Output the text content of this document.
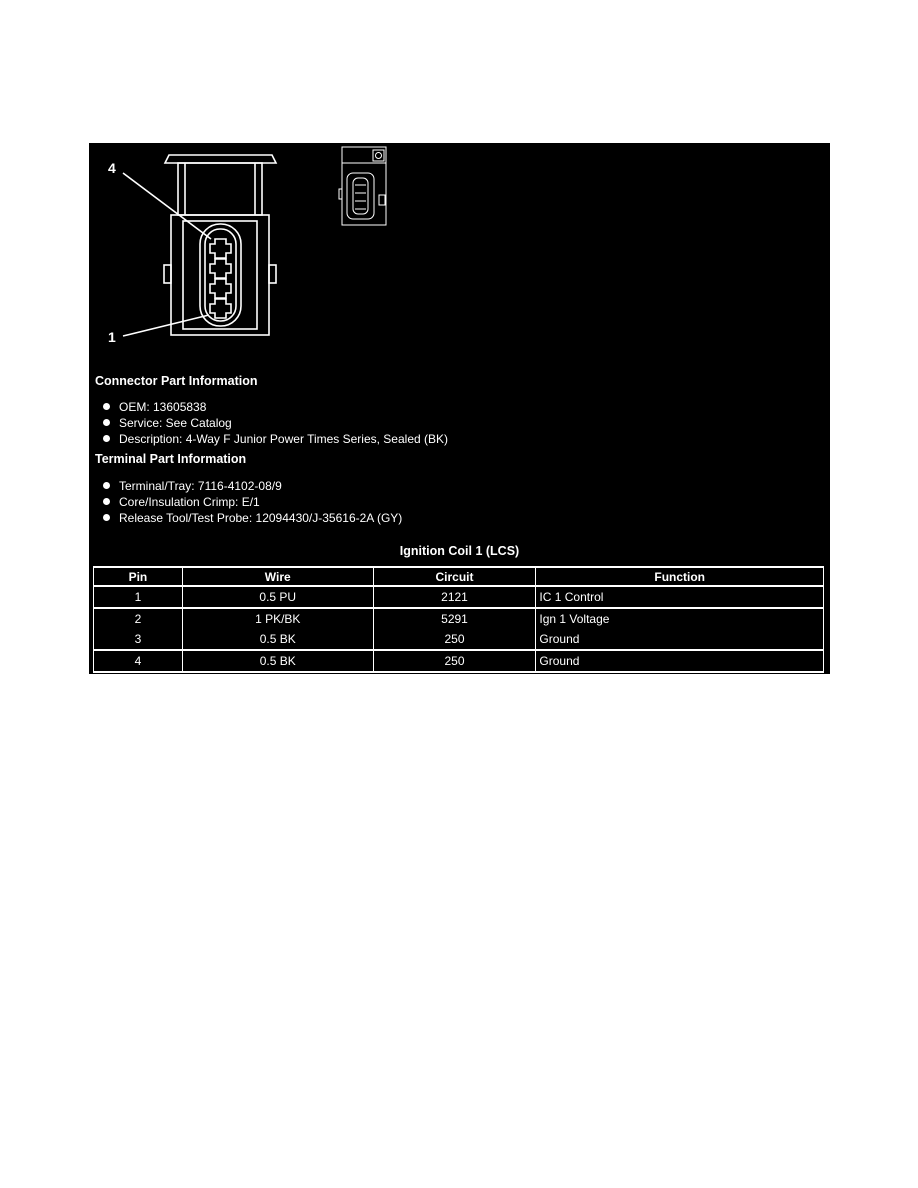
4
1
Connector Part Information
OEM: 13605838
Service: See Catalog
Description: 4-Way F Junior Power Times Series, Sealed (BK)
Terminal Part Information
Terminal/Tray: 7116-4102-08/9
Core/Insulation Crimp: E/1
Release Tool/Test Probe: 12094430/J-35616-2A (GY)
Ignition Coil 1 (LCS)
Pin	Wire	Circuit	Function
1	0.5 PU	2121	IC 1 Control
2	1 PK/BK	5291	Ign 1 Voltage
3	0.5 BK	250	Ground
4	0.5 BK	250	Ground
